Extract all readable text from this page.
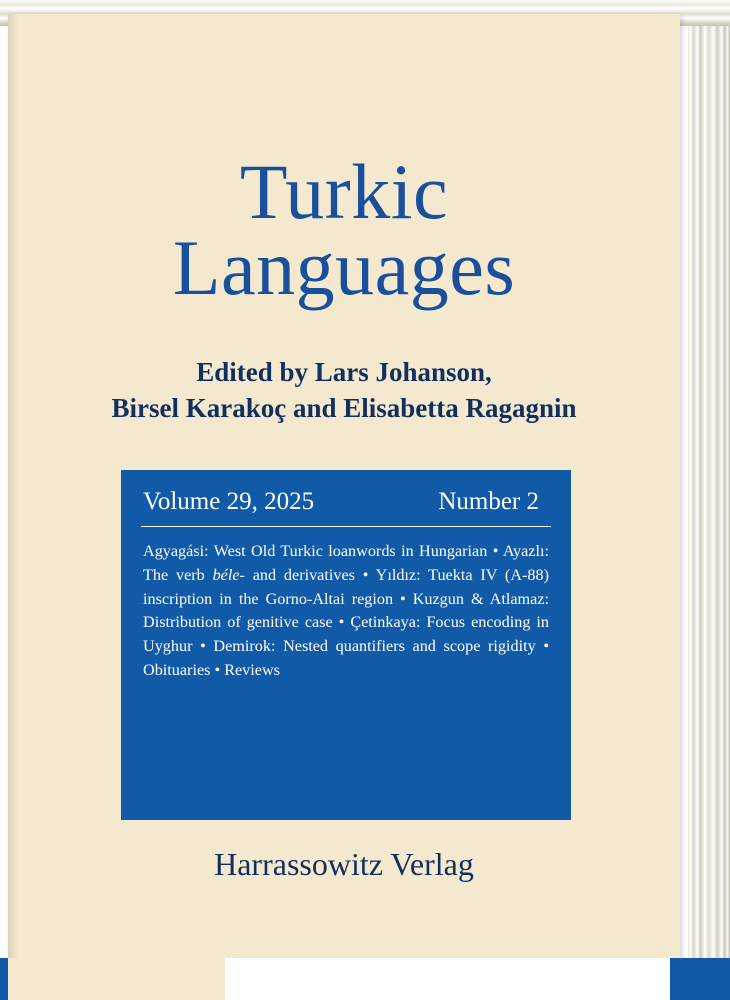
Turkic
Languages
Edited by Lars Johanson,
Birsel Karakoç and Elisabetta Ragagnin
Volume 29, 2025	Number 2
Agyagási: West Old Turkic loanwords in Hungarian • Ayazlı: The verb béle- and derivatives • Yıldız: Tuekta IV (A-88) inscription in the Gorno-Altai region • Kuzgun & Atlamaz: Distribution of genitive case • Çetinkaya: Focus encoding in Uyghur • Demirok: Nested quantifiers and scope rigidity • Obituaries • Reviews
Harrassowitz Verlag
